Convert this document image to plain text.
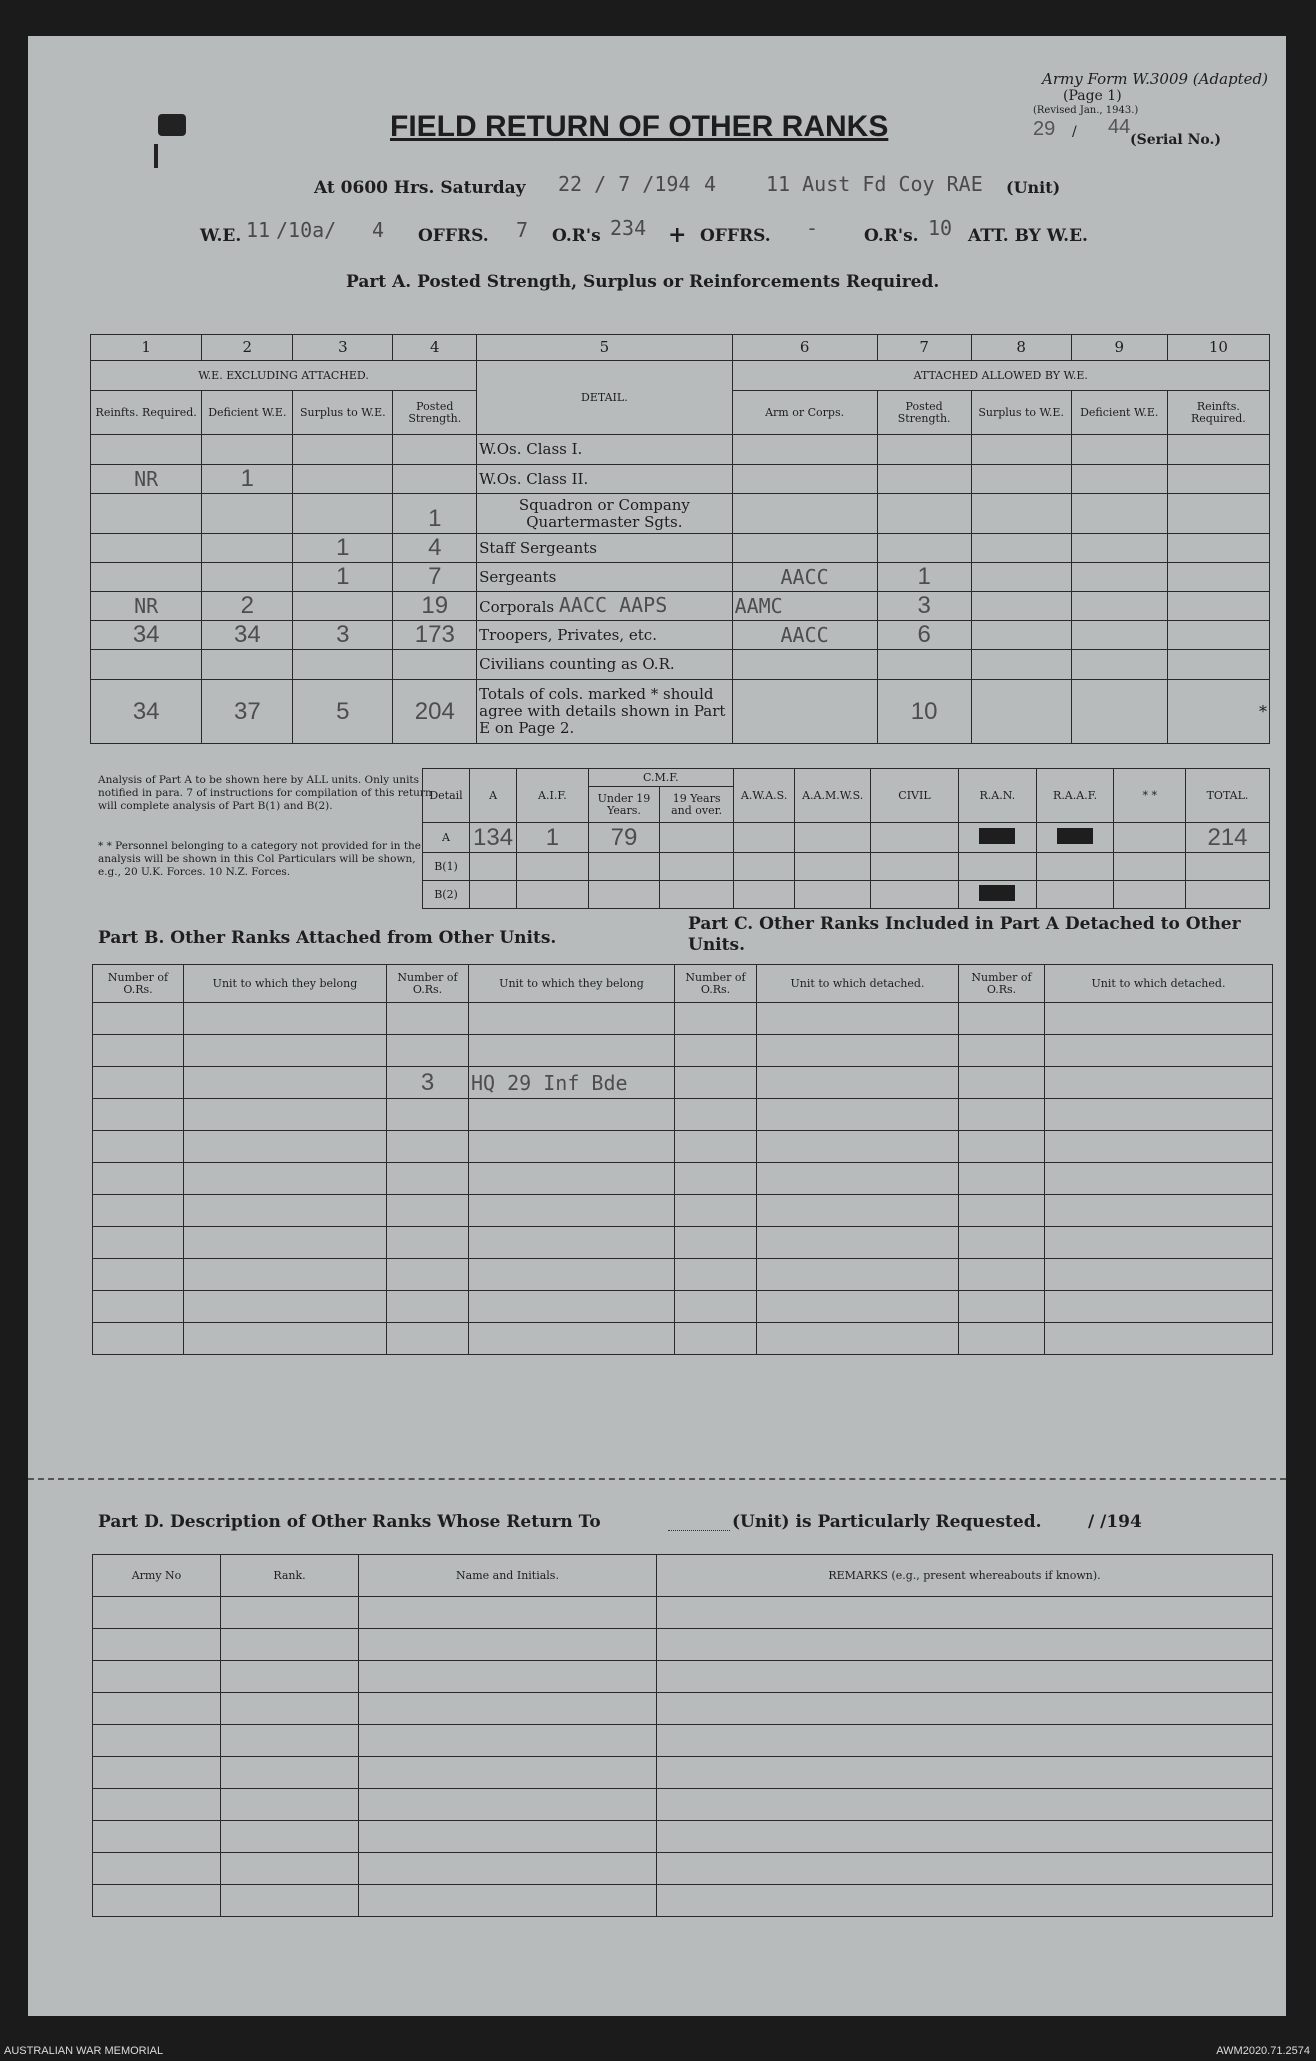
Army Form W.3009 (Adapted)
(Page 1)
(Revised Jan., 1943.)
29 / 44
(Serial No.)
FIELD RETURN OF OTHER RANKS
At 0600 Hrs. Saturday 22 / 7 /194 4 11 Aust Fd Coy RAE (Unit)
W.E. 11 /10a/ 4 OFFRS. 7 O.R's 234 + OFFRS. -	O.R's. 10 ATT. BY W.E.
Part A. Posted Strength, Surplus or Reinforcements Required.
1	2	3	4	5	6	7	8	9	10
W.E. EXCLUDING ATTACHED.				DETAIL.	ATTACHED ALLOWED BY W.E.				
Reinfts. Required.	Deficient W.E.	Surplus to W.E.	Posted Strength.		Arm or Corps.	Posted Strength.	Surplus to W.E.	Deficient W.E.	Reinfts. Required.
				W.Os. Class I.					
NR	1			W.Os. Class II.					
			1	Squadron or Company Quartermaster Sgts.					
		1	4	Staff Sergeants					
		1	7	Sergeants	AACC	1			
NR	2		19	Corporals AACC AAPS	AAMC	3			
34	34	3	173	Troopers, Privates, etc.	AACC	6			
				Civilians counting as O.R.					
34	37	5	204	Totals of cols. marked * should agree with details shown in Part E on Page 2.		10			*
Analysis of Part A to be shown here by ALL units. Only units notified in para. 7 of instructions for compilation of this return will complete analysis of Part B(1) and B(2).
* * Personnel belonging to a category not provided for in the analysis will be shown in this Col Particulars will be shown, e.g., 20 U.K. Forces. 10 N.Z. Forces.
Detail	A	A.I.F.	C.M.F.		A.W.A.S.	A.A.M.W.S.	CIVIL	R.A.N.	R.A.A.F.	* *	TOTAL.
			Under 19 Years.	19 Years and over.							
A	134	1	79								214
B(1)											
B(2)											
Part B. Other Ranks Attached from Other Units.
Part C. Other Ranks Included in Part A Detached to Other Units.
Number of O.Rs.	Unit to which they belong	Number of O.Rs.	Unit to which they belong	Number of O.Rs.	Unit to which detached.	Number of O.Rs.	Unit to which detached.

		3	HQ 29 Inf Bde				

Part D. Description of Other Ranks Whose Return To	(Unit) is Particularly Requested.	/ /194
Army No	Rank.	Name and Initials.	REMARKS (e.g., present whereabouts if known).

AUSTRALIAN WAR MEMORIAL	AWM2020.71.2574
